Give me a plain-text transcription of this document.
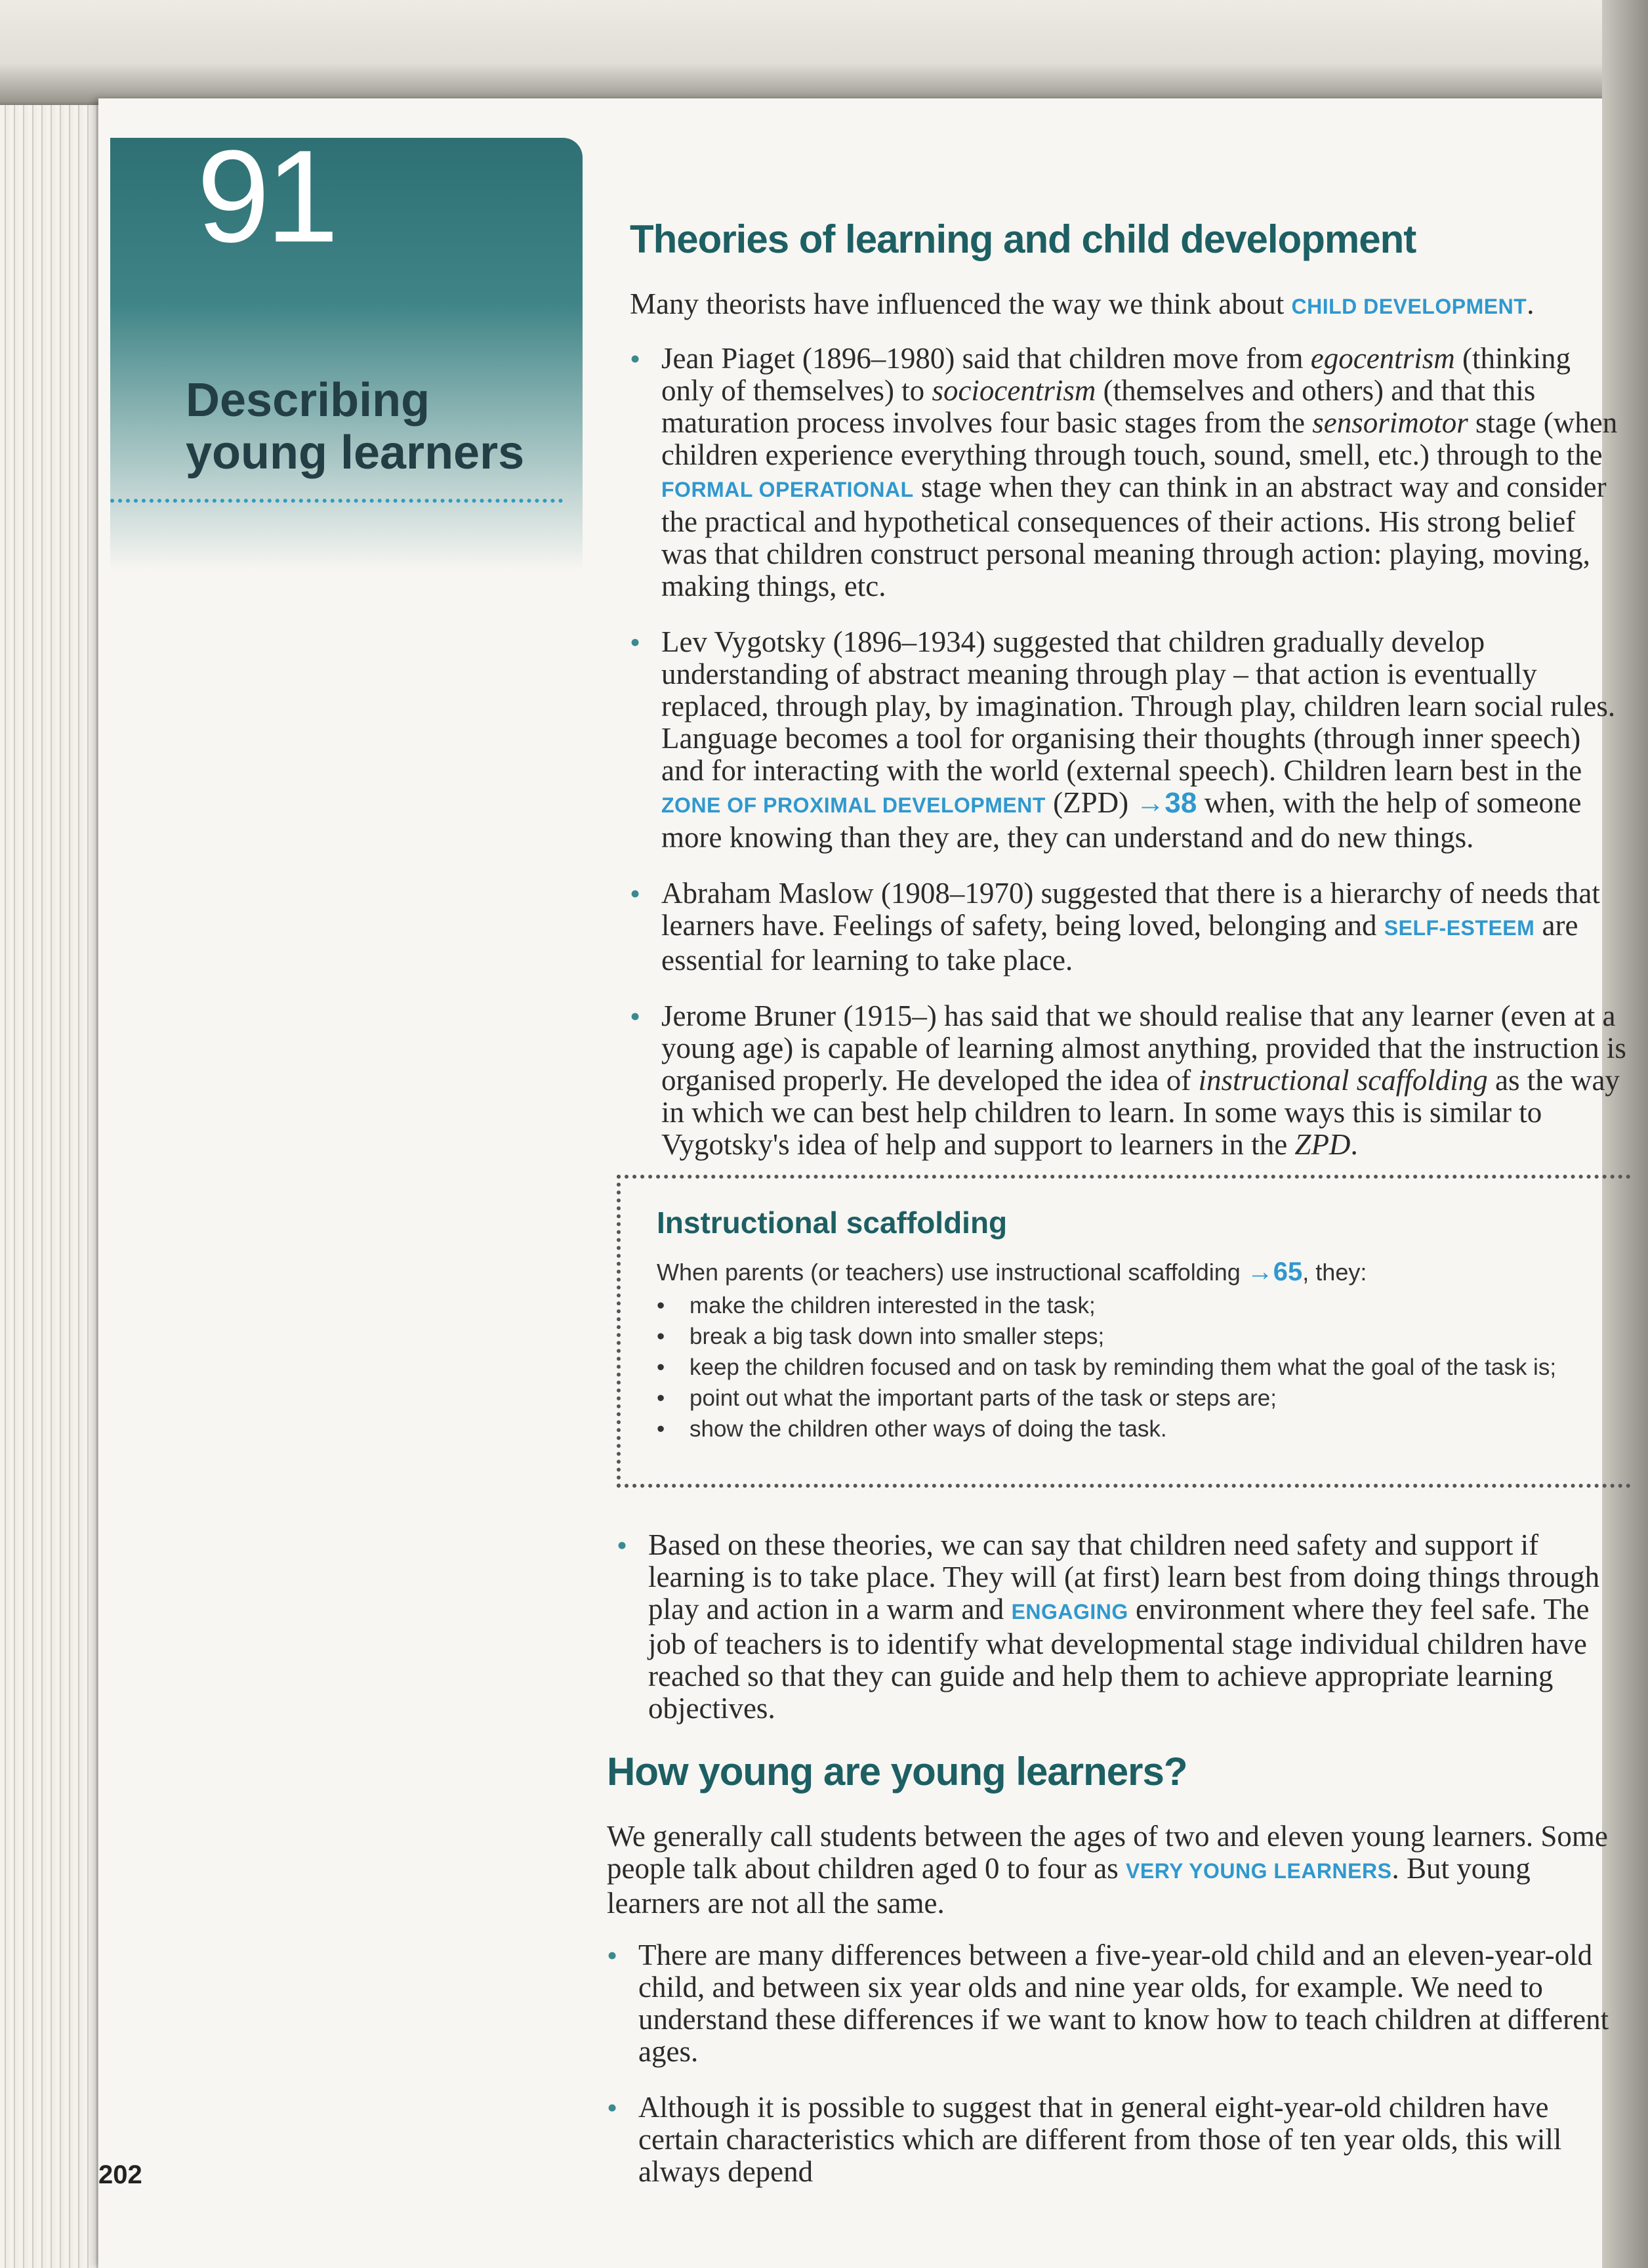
91
Describing young learners
202
Theories of learning and child development

Many theorists have influenced the way we think about CHILD DEVELOPMENT.

• Jean Piaget (1896–1980) said that children move from egocentrism (thinking only of themselves) to sociocentrism (themselves and others) and that this maturation process involves four basic stages from the sensorimotor stage (when children experience everything through touch, sound, smell, etc.) through to the FORMAL OPERATIONAL stage when they can think in an abstract way and consider the practical and hypothetical consequences of their actions. His strong belief was that children construct personal meaning through action: playing, moving, making things, etc.
• Lev Vygotsky (1896–1934) suggested that children gradually develop understanding of abstract meaning through play – that action is eventually replaced, through play, by imagination. Through play, children learn social rules. Language becomes a tool for organising their thoughts (through inner speech) and for interacting with the world (external speech). Children learn best in the ZONE OF PROXIMAL DEVELOPMENT (ZPD) →38 when, with the help of someone more knowing than they are, they can understand and do new things.
• Abraham Maslow (1908–1970) suggested that there is a hierarchy of needs that learners have. Feelings of safety, being loved, belonging and SELF-ESTEEM are essential for learning to take place.
• Jerome Bruner (1915–) has said that we should realise that any learner (even at a young age) is capable of learning almost anything, provided that the instruction is organised properly. He developed the idea of instructional scaffolding as the way in which we can best help children to learn. In some ways this is similar to Vygotsky's idea of help and support to learners in the ZPD.
Instructional scaffolding
When parents (or teachers) use instructional scaffolding →65, they:
• make the children interested in the task;
• break a big task down into smaller steps;
• keep the children focused and on task by reminding them what the goal of the task is;
• point out what the important parts of the task or steps are;
• show the children other ways of doing the task.
• Based on these theories, we can say that children need safety and support if learning is to take place. They will (at first) learn best from doing things through play and action in a warm and ENGAGING environment where they feel safe. The job of teachers is to identify what developmental stage individual children have reached so that they can guide and help them to achieve appropriate learning objectives.
How young are young learners?

We generally call students between the ages of two and eleven young learners. Some people talk about children aged 0 to four as VERY YOUNG LEARNERS. But young learners are not all the same.

• There are many differences between a five-year-old child and an eleven-year-old child, and between six year olds and nine year olds, for example. We need to understand these differences if we want to know how to teach children at different ages.
• Although it is possible to suggest that in general eight-year-old children have certain characteristics which are different from those of ten year olds, this will always depend
